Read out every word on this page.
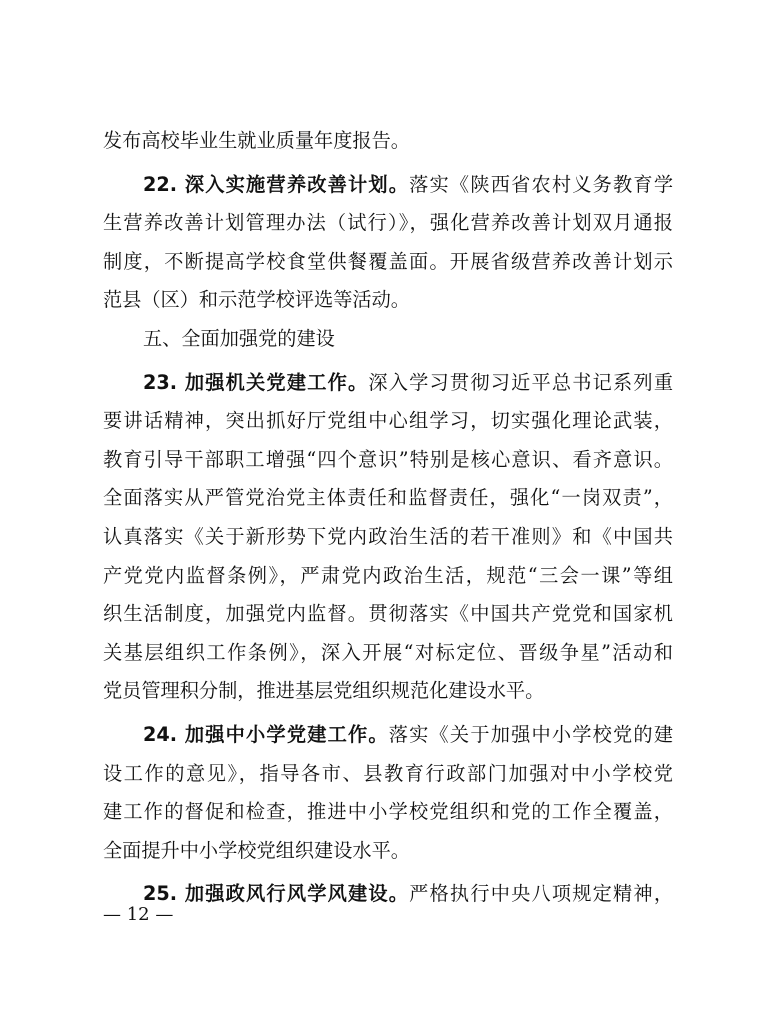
发布高校毕业生就业质量年度报告。
22. 深入实施营养改善计划。落实《陕西省农村义务教育学
生营养改善计划管理办法（试行）》，强化营养改善计划双月通报
制度，不断提高学校食堂供餐覆盖面。开展省级营养改善计划示
范县（区）和示范学校评选等活动。
五、全面加强党的建设
23. 加强机关党建工作。深入学习贯彻习近平总书记系列重
要讲话精神，突出抓好厅党组中心组学习，切实强化理论武装，
教育引导干部职工增强“四个意识”特别是核心意识、看齐意识。
全面落实从严管党治党主体责任和监督责任，强化“一岗双责”，
认真落实《关于新形势下党内政治生活的若干准则》和《中国共
产党党内监督条例》，严肃党内政治生活，规范“三会一课”等组
织生活制度，加强党内监督。贯彻落实《中国共产党党和国家机
关基层组织工作条例》，深入开展“对标定位、晋级争星”活动和
党员管理积分制，推进基层党组织规范化建设水平。
24. 加强中小学党建工作。落实《关于加强中小学校党的建
设工作的意见》，指导各市、县教育行政部门加强对中小学校党
建工作的督促和检查，推进中小学校党组织和党的工作全覆盖，
全面提升中小学校党组织建设水平。
25. 加强政风行风学风建设。严格执行中央八项规定精神，
— 12 —
